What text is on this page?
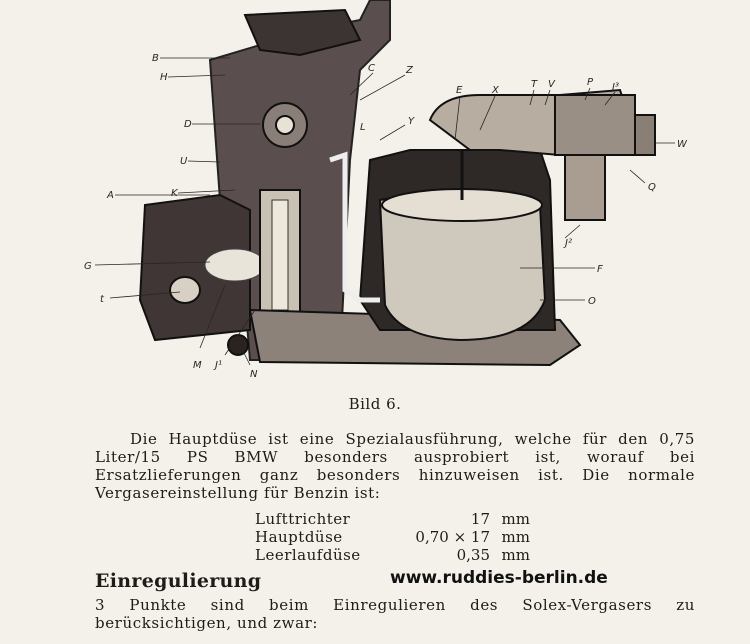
B
H
D
U
A	K
G
t
M J¹
N
C	Z
E	X
T V	P J³
W
Q
J²
F
O
Y
L
Bild 6.
Die Hauptdüse ist eine Spezialausführung, welche für den 0,75 Liter/15 PS BMW besonders ausprobiert ist, worauf bei Ersatzlieferungen ganz besonders hinzuweisen ist. Die normale Vergasereinstellung für Benzin ist:
Lufttrichter	17 mm
Hauptdüse	0,70 × 17 mm
Leerlaufdüse	0,35 mm
Einregulierung	www.ruddies-berlin.de
3 Punkte sind beim Einregulieren des Solex-Vergasers zu berücksichtigen, und zwar:
